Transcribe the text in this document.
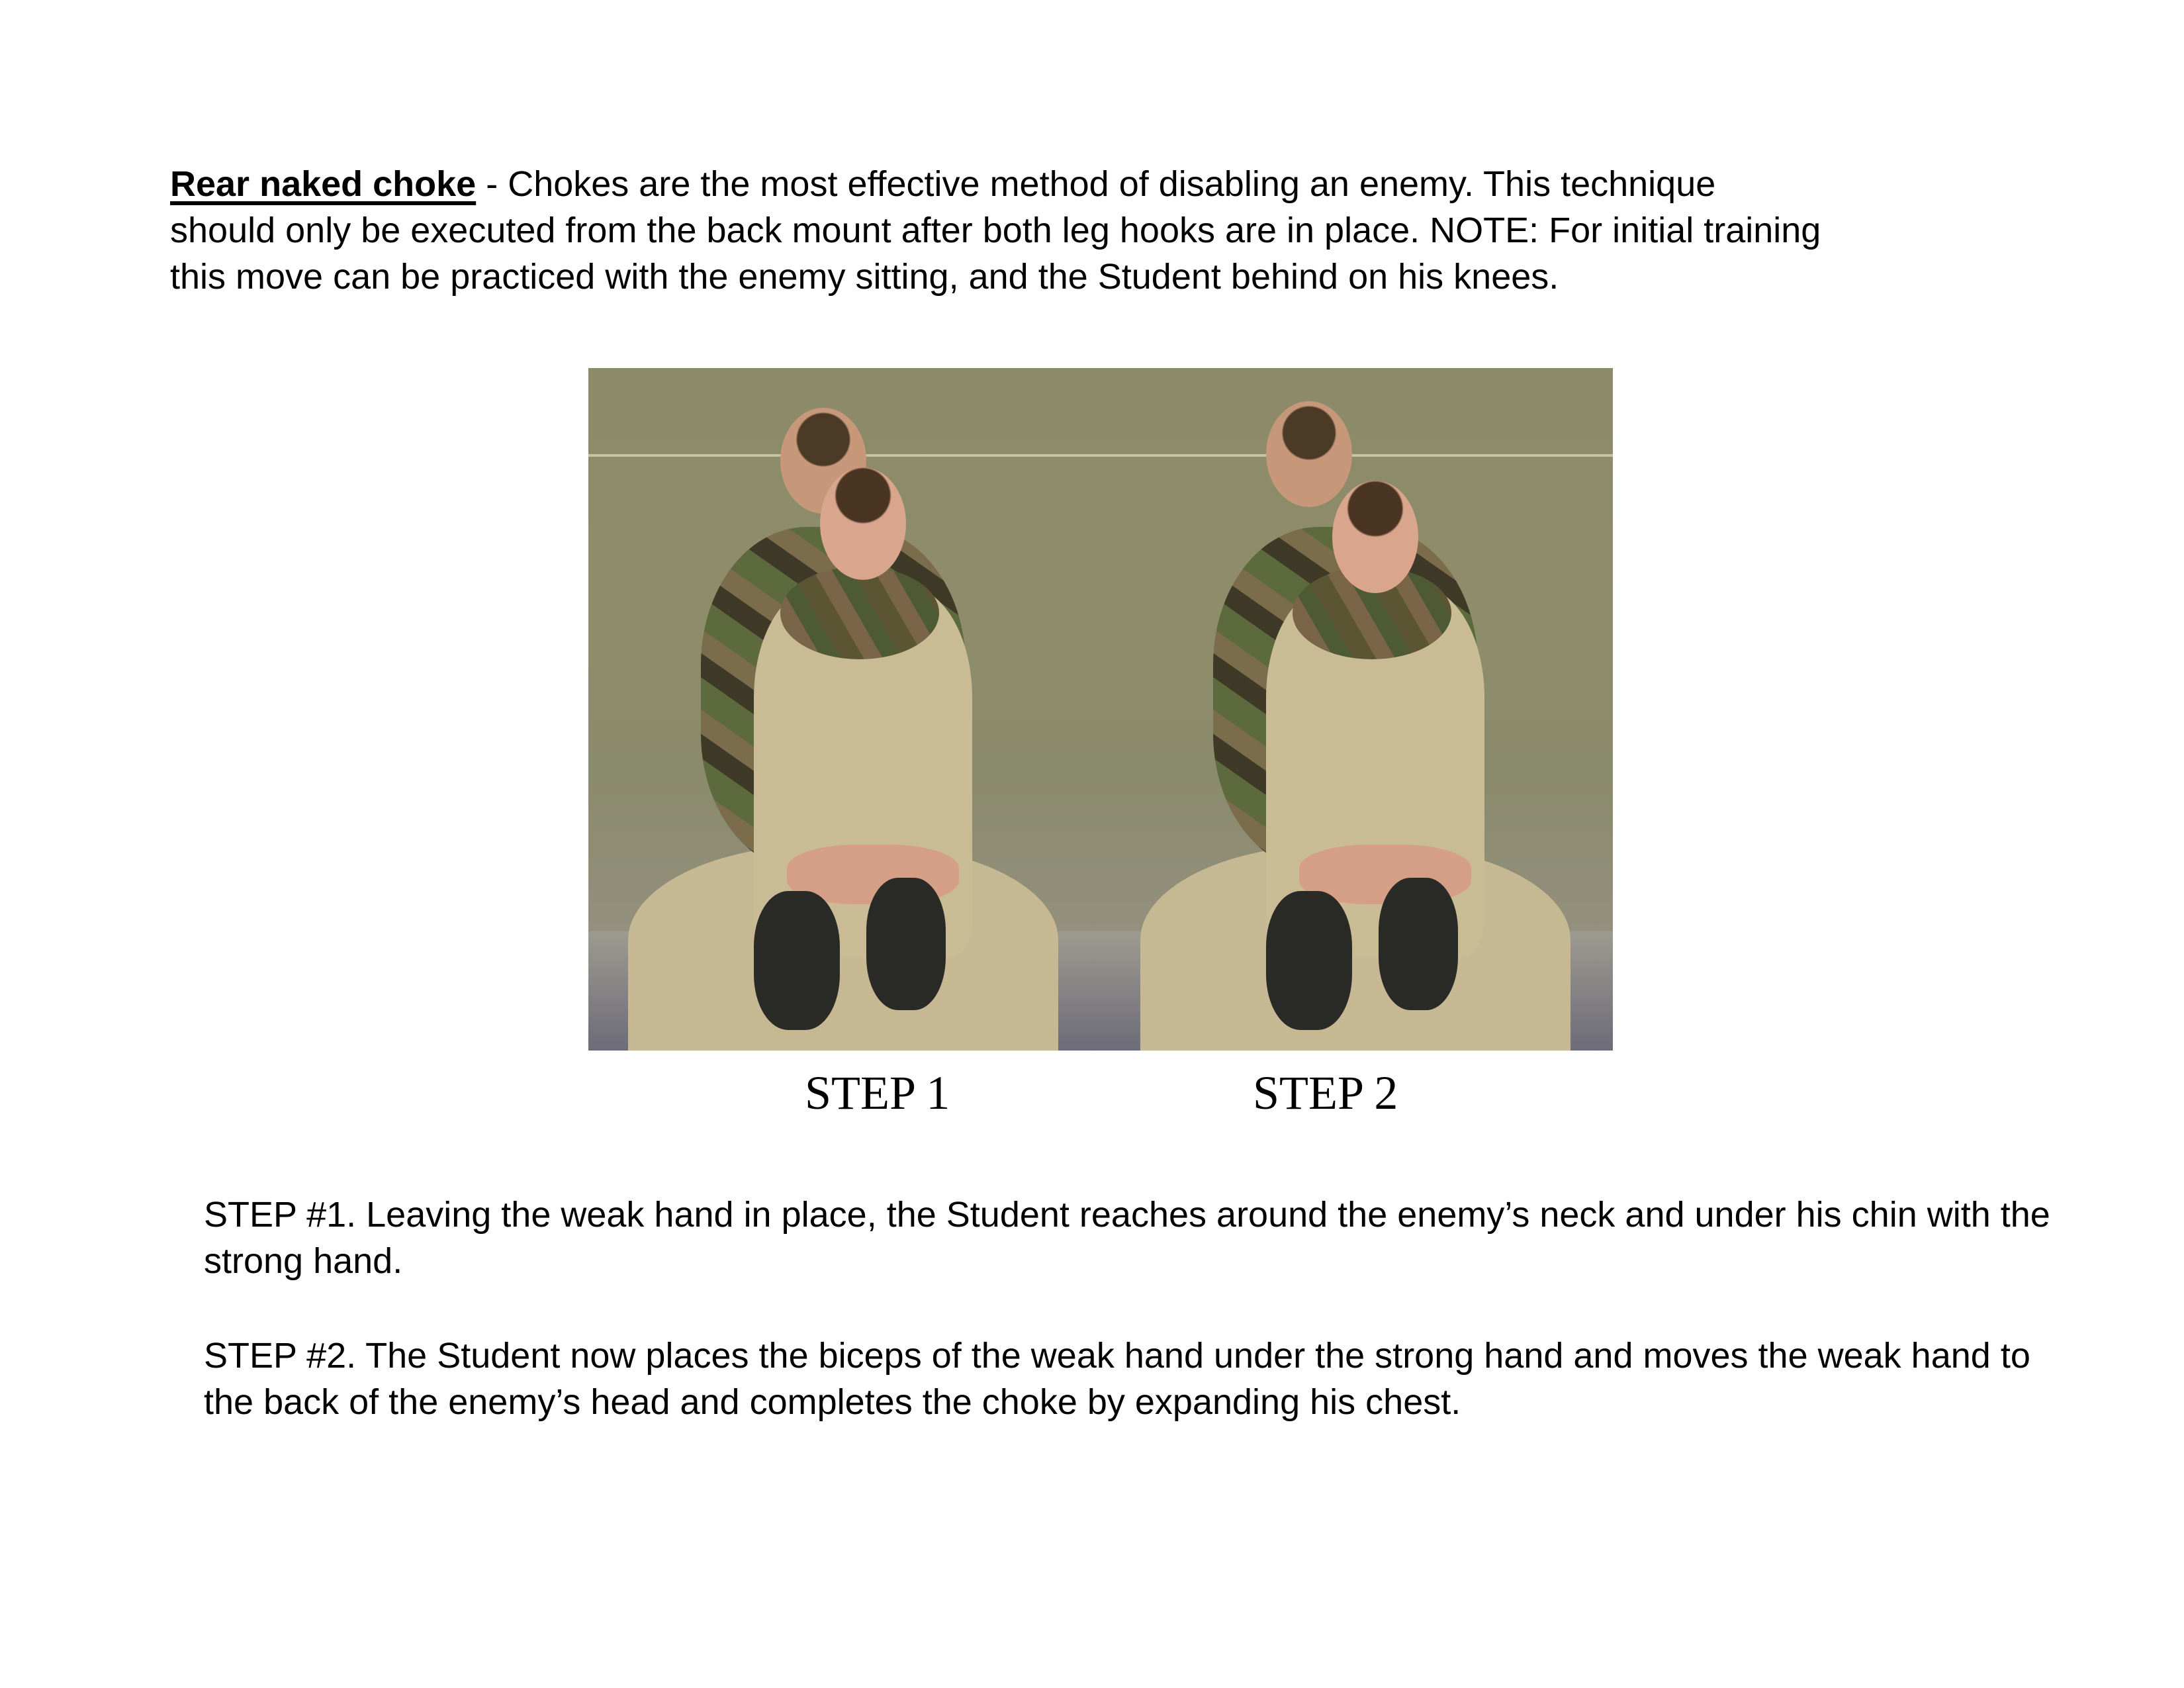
Rear naked choke - Chokes are the most effective method of disabling an enemy. This technique should only be executed from the back mount after both leg hooks are in place. NOTE: For initial training this move can be practiced with the enemy sitting, and the Student behind on his knees.
STEP 1	STEP 2
STEP #1. Leaving the weak hand in place, the Student reaches around the enemy’s neck and under his chin with the strong hand.
STEP #2. The Student now places the biceps of the weak hand under the strong hand and moves the weak hand to the back of the enemy’s head and completes the choke by expanding his chest.
